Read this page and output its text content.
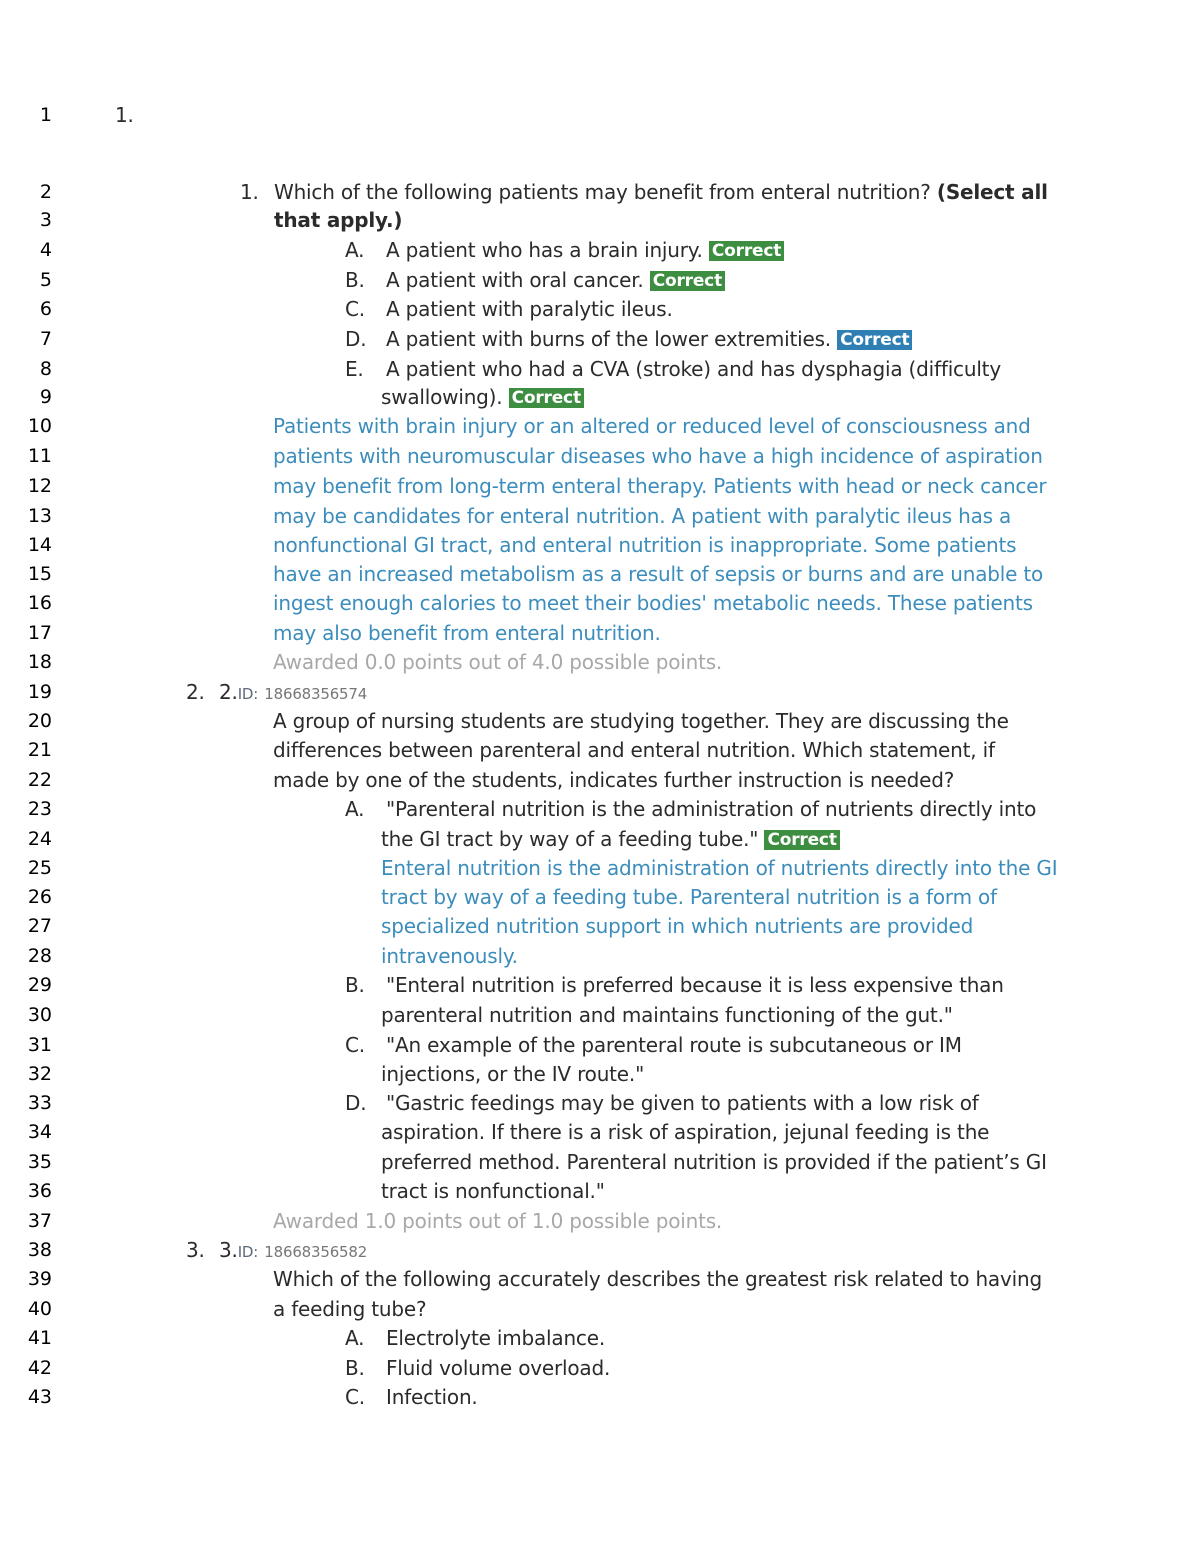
1
2
3
4
5
6
7
8
9
10
11
12
13
14
15
16
17
18
19
20
21
22
23
24
25
26
27
28
29
30
31
32
33
34
35
36
37
38
39
40
41
42
43
1.
1. Which of the following patients may benefit from enteral nutrition? (Select all
that apply.)
A. A patient who has a brain injury. Correct
B. A patient with oral cancer. Correct
C. A patient with paralytic ileus.
D. A patient with burns of the lower extremities. Correct
E. A patient who had a CVA (stroke) and has dysphagia (difficulty
swallowing). Correct
Patients with brain injury or an altered or reduced level of consciousness and
patients with neuromuscular diseases who have a high incidence of aspiration
may benefit from long-term enteral therapy. Patients with head or neck cancer
may be candidates for enteral nutrition. A patient with paralytic ileus has a
nonfunctional GI tract, and enteral nutrition is inappropriate. Some patients
have an increased metabolism as a result of sepsis or burns and are unable to
ingest enough calories to meet their bodies' metabolic needs. These patients
may also benefit from enteral nutrition.
Awarded 0.0 points out of 4.0 possible points.
2. 2.ID: 18668356574
A group of nursing students are studying together. They are discussing the
differences between parenteral and enteral nutrition. Which statement, if
made by one of the students, indicates further instruction is needed?
A. "Parenteral nutrition is the administration of nutrients directly into
the GI tract by way of a feeding tube." Correct
Enteral nutrition is the administration of nutrients directly into the GI
tract by way of a feeding tube. Parenteral nutrition is a form of
specialized nutrition support in which nutrients are provided
intravenously.
B. "Enteral nutrition is preferred because it is less expensive than
parenteral nutrition and maintains functioning of the gut."
C. "An example of the parenteral route is subcutaneous or IM
injections, or the IV route."
D. "Gastric feedings may be given to patients with a low risk of
aspiration. If there is a risk of aspiration, jejunal feeding is the
preferred method. Parenteral nutrition is provided if the patient’s GI
tract is nonfunctional."
Awarded 1.0 points out of 1.0 possible points.
3. 3.ID: 18668356582
Which of the following accurately describes the greatest risk related to having
a feeding tube?
A. Electrolyte imbalance.
B. Fluid volume overload.
C. Infection.
